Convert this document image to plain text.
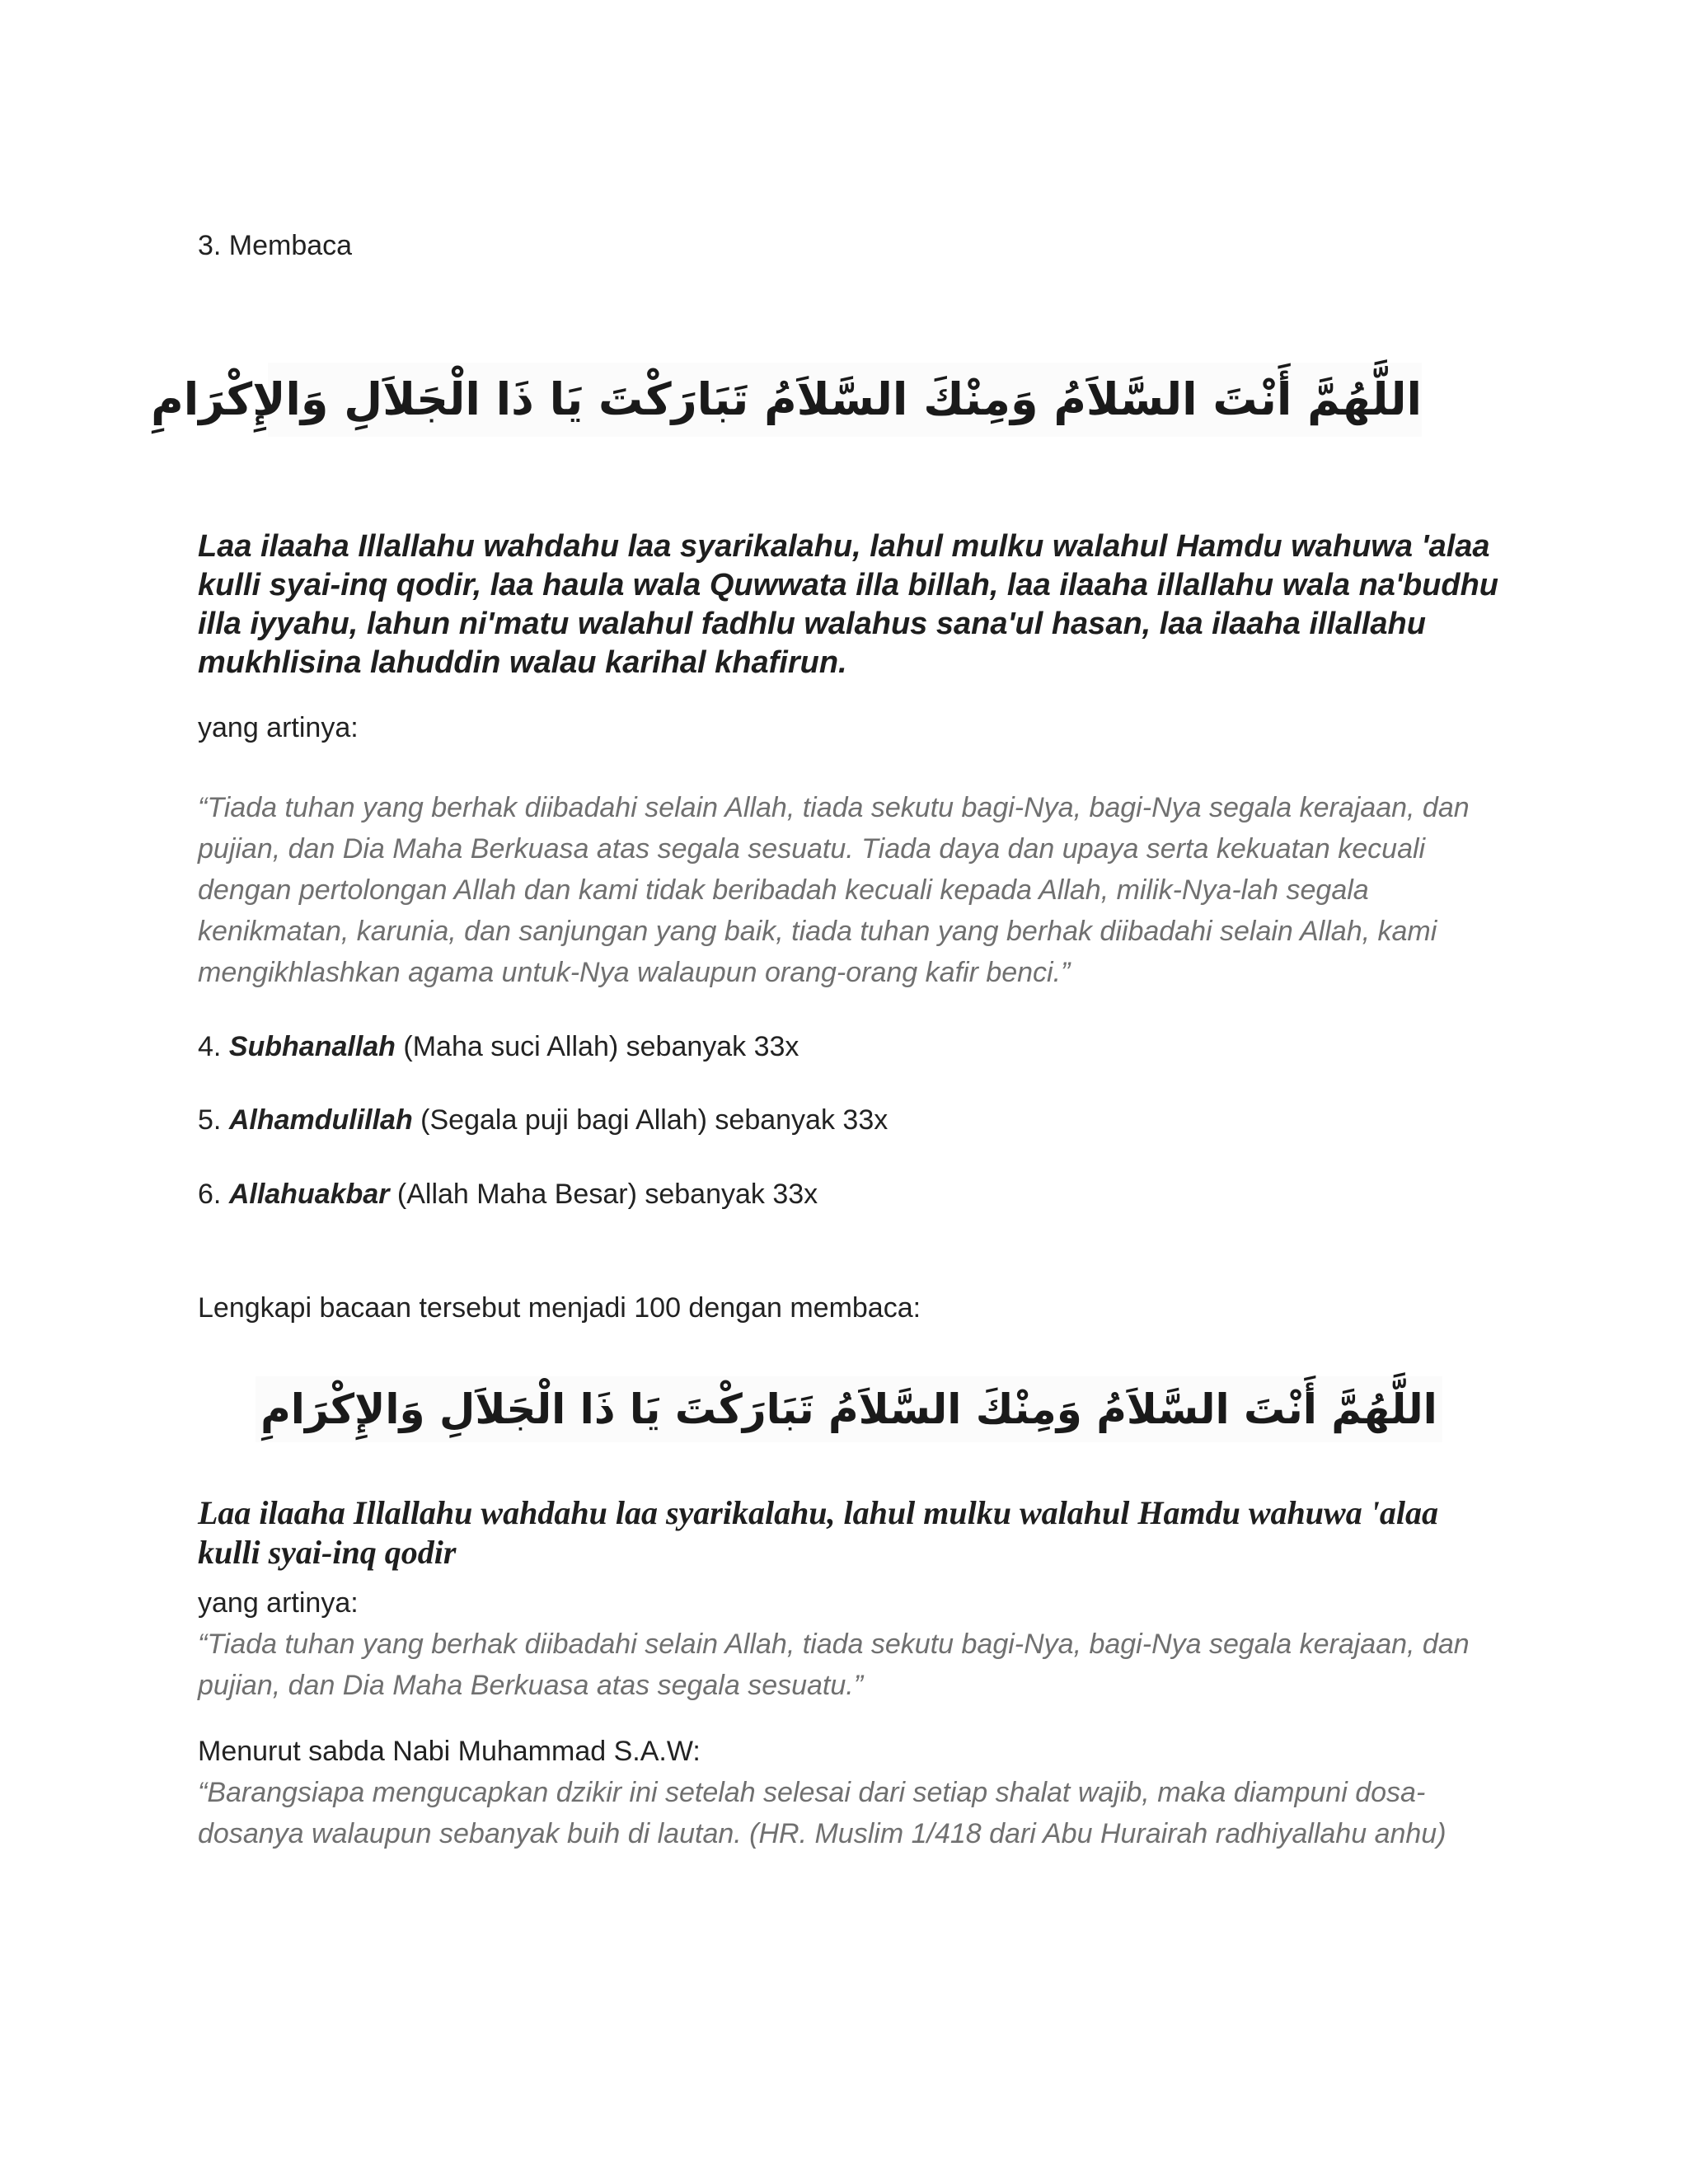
3. Membaca

اللَّهُمَّ أَنْتَ السَّلاَمُ وَمِنْكَ السَّلاَمُ تَبَارَكْتَ يَا ذَا الْجَلاَلِ وَالإِكْرَامِ

Laa ilaaha Illallahu wahdahu laa syarikalahu, lahul mulku walahul Hamdu wahuwa 'alaa kulli syai-inq qodir, laa haula wala Quwwata illa billah, laa ilaaha illallahu wala na'budhu illa iyyahu, lahun ni'matu walahul fadhlu walahus sana'ul hasan, laa ilaaha illallahu mukhlisina lahuddin walau karihal khafirun.

yang artinya:

“Tiada tuhan yang berhak diibadahi selain Allah, tiada sekutu bagi-Nya, bagi-Nya segala kerajaan, dan pujian, dan Dia Maha Berkuasa atas segala sesuatu. Tiada daya dan upaya serta kekuatan kecuali dengan pertolongan Allah dan kami tidak beribadah kecuali kepada Allah, milik-Nya-lah segala kenikmatan, karunia, dan sanjungan yang baik, tiada tuhan yang berhak diibadahi selain Allah, kami mengikhlashkan agama untuk-Nya walaupun orang-orang kafir benci.”

4. Subhanallah (Maha suci Allah) sebanyak 33x

5. Alhamdulillah (Segala puji bagi Allah) sebanyak 33x

6. Allahuakbar (Allah Maha Besar) sebanyak 33x

Lengkapi bacaan tersebut menjadi 100 dengan membaca:

اللَّهُمَّ أَنْتَ السَّلاَمُ وَمِنْكَ السَّلاَمُ تَبَارَكْتَ يَا ذَا الْجَلاَلِ وَالإِكْرَامِ

Laa ilaaha Illallahu wahdahu laa syarikalahu, lahul mulku walahul Hamdu wahuwa 'alaa kulli syai-inq qodir

yang artinya:

“Tiada tuhan yang berhak diibadahi selain Allah, tiada sekutu bagi-Nya, bagi-Nya segala kerajaan, dan pujian, dan Dia Maha Berkuasa atas segala sesuatu.”

Menurut sabda Nabi Muhammad S.A.W:

“Barangsiapa mengucapkan dzikir ini setelah selesai dari setiap shalat wajib, maka diampuni dosa-dosanya walaupun sebanyak buih di lautan. (HR. Muslim 1/418 dari Abu Hurairah radhiyallahu anhu)
